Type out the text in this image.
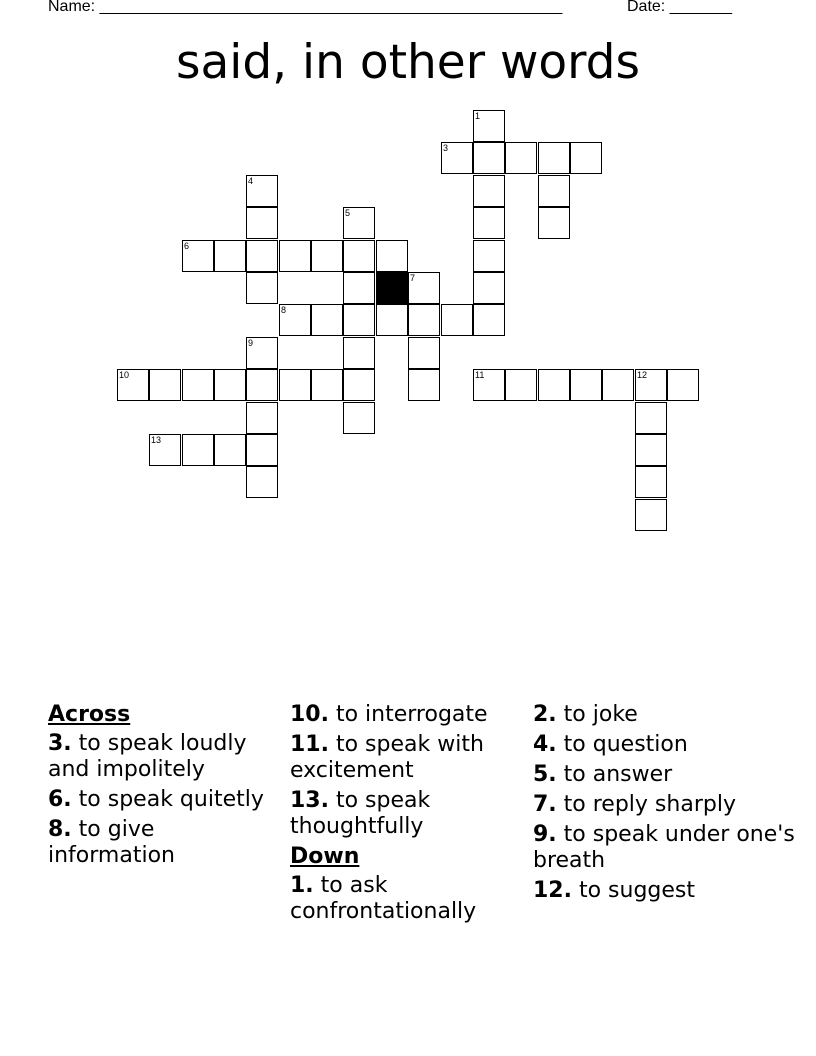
Name: ____________________________________________________	Date: _______
said, in other words
1
3
4
5
6
7
8
9
10	11	12
13
Across
3. to speak loudly and impolitely
6. to speak quitetly
8. to give information
10. to interrogate
11. to speak with excitement
13. to speak thoughtfully
Down
1. to ask confrontationally
2. to joke
4. to question
5. to answer
7. to reply sharply
9. to speak under one's breath
12. to suggest
